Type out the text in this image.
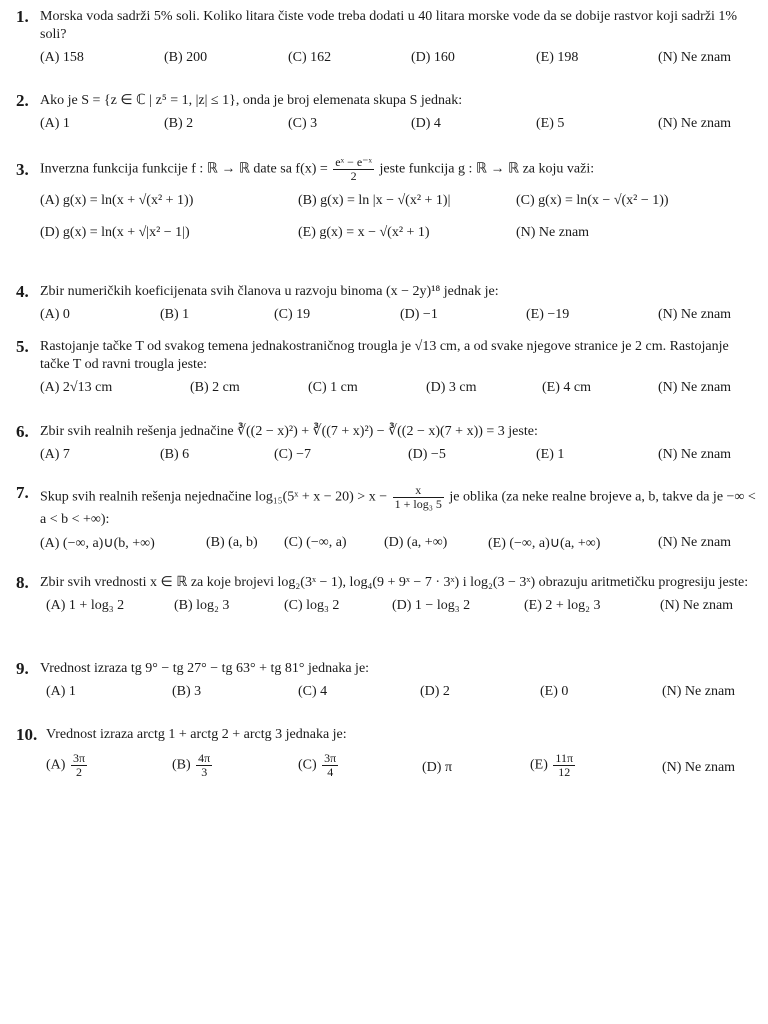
1. Morska voda sadrži 5% soli. Koliko litara čiste vode treba dodati u 40 litara morske vode da se dobije rastvor koji sadrži 1% soli?
(A) 158	(B) 200	(C) 162	(D) 160	(E) 198	(N) Ne znam
2. Ako je S = {z ∈ ℂ | z⁵ = 1, |z| ≤ 1}, onda je broj elemenata skupa S jednak:
(A) 1	(B) 2	(C) 3	(D) 4	(E) 5	(N) Ne znam
3. Inverzna funkcija funkcije f : ℝ → ℝ date sa $f(x) = \frac{\text{eˣ − e⁻ˣ}}{2}$ jeste funkcija g : ℝ → ℝ za koju važi:
(A) g(x) = ln(x + √(x² + 1))	(B) g(x) = ln |x − √(x² + 1)|	(C) g(x) = ln(x − √(x² − 1))
(D) g(x) = ln(x + √|x² − 1|)	(E) g(x) = x − √(x² + 1)	(N) Ne znam
4. Zbir numeričkih koeficijenata svih članova u razvoju binoma (x − 2y)¹⁸ jednak je:
(A) 0	(B) 1	(C) 19	(D) −1	(E) −19	(N) Ne znam
5. Rastojanje tačke T od svakog temena jednakostraničnog trougla je √13 cm, a od svake njegove stranice je 2 cm. Rastojanje tačke T od ravni trougla jeste:
(A) 2√13 cm	(B) 2 cm	(C) 1 cm	(D) 3 cm	(E) 4 cm	(N) Ne znam
6. Zbir svih realnih rešenja jednačine ∛((2 − x)²) + ∛((7 + x)²) − ∛((2 − x)(7 + x)) = 3 jeste:
(A) 7	(B) 6	(C) −7	(D) −5	(E) 1	(N) Ne znam
7. Skup svih realnih rešenja nejednačine log₁₅(5ˣ + $x - 20) > x - \frac{x}{\text{1 + log₃ 5}}$ je oblika (za neke realne brojeve a, b, takve da je −∞ < a < b < +∞):
(A) (−∞, a)∪(b, +∞)	(B) (a, b) (C) (−∞, a)	(D) (a, +∞)	(E) (−∞, a)∪(a, +∞)	(N) Ne znam
8. Zbir svih vrednosti x ∈ ℝ za koje brojevi log₂(3ˣ − 1), log₄(9 + 9ˣ − 7 · 3ˣ) i log₂(3 − 3ˣ) obrazuju aritmetičku progresiju jeste:
(A) 1 + log₃ 2	(B) log₂ 3	(C) log₃ 2	(D) 1 − log₃ 2	(E) 2 + log₂ 3	(N) Ne znam
9. Vrednost izraza tg 9° − tg 27° − tg 63° + tg 81° jednaka je:
(A) 1	(B) 3	(C) 4	(D) 2	(E) 0	(N) Ne znam
10. Vrednost izraza arctg 1 + arctg 2 + arctg 3 jednaka je:
$(A) \frac{3\pi}{2}$	$(B) \frac{4\pi}{3}$	$(C) \frac{3\pi}{4}$	(D) π	$(E) \frac{11\pi}{12}$	(N) Ne znam
